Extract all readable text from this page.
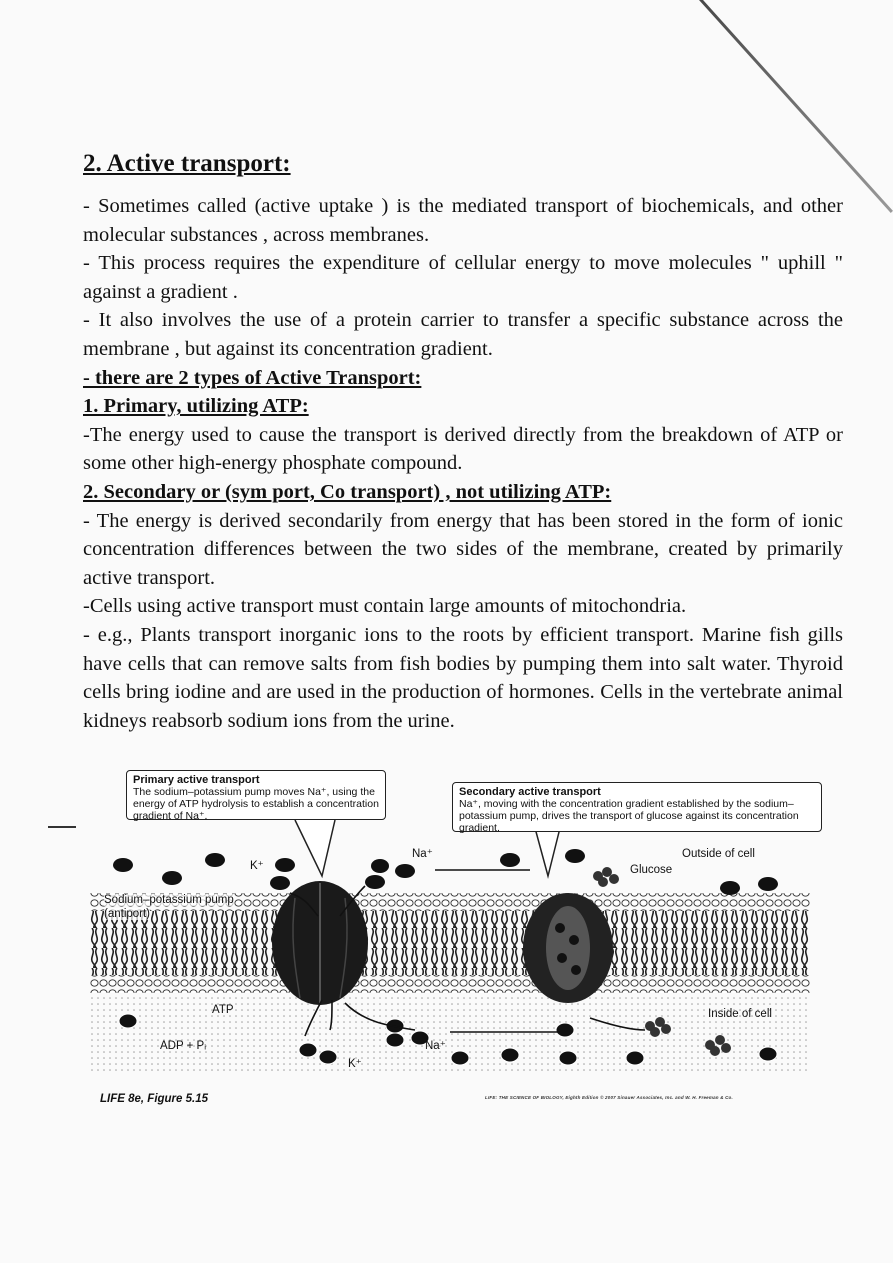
2. Active transport:

- Sometimes called (active uptake ) is the mediated transport of biochemicals, and other molecular substances , across membranes.

- This process requires the expenditure of cellular energy to move molecules " uphill " against a gradient .

- It also involves the use of a protein carrier to transfer a specific substance across the membrane , but against its concentration gradient.

- there are 2 types of Active Transport:

1. Primary, utilizing ATP:

-The energy used to cause the transport is derived directly from the breakdown of ATP or some other high-energy phosphate compound.

2. Secondary or (sym port, Co transport) , not utilizing ATP:

- The energy is derived secondarily from energy that has been stored in the form of ionic concentration differences between the two sides of the membrane, created by primarily active transport.

-Cells using active transport must contain large amounts of mitochondria.

- e.g., Plants transport inorganic ions to the roots by efficient transport. Marine fish gills have cells that can remove salts from fish bodies by pumping them into salt water. Thyroid cells bring iodine and are used in the production of hormones. Cells in the vertebrate animal kidneys reabsorb sodium ions from the urine.

Primary active transport
The sodium–potassium pump moves Na⁺, using the energy of ATP hydrolysis to establish a concentration gradient of Na⁺.
Secondary active transport
Na⁺, moving with the concentration gradient established by the sodium–potassium pump, drives the transport of glucose against its concentration gradient.
K⁺
Na⁺	Outside of cell
Glucose
Sodium–potassium pump
(antiport)
ATP
ADP + Pᵢ
K⁺
Na⁺
Inside of cell
LIFE 8e, Figure 5.15	LIFE: THE SCIENCE OF BIOLOGY, Eighth Edition © 2007 Sinauer Associates, Inc. and W. H. Freeman & Co.
